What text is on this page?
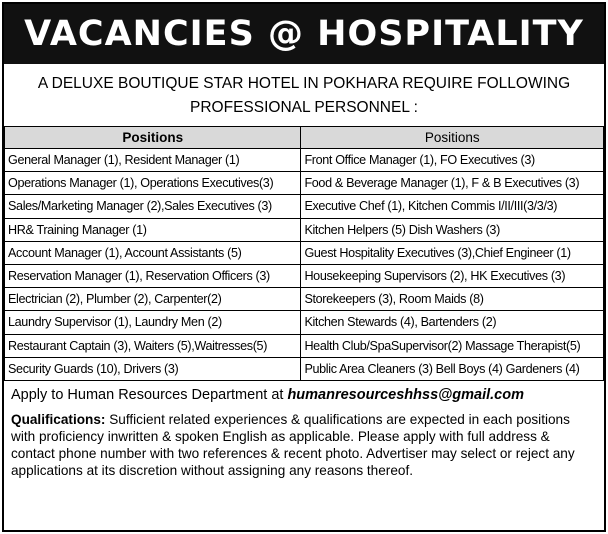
VACANCIES @ HOSPITALITY
A DELUXE BOUTIQUE STAR HOTEL IN POKHARA REQUIRE FOLLOWING
PROFESSIONAL PERSONNEL :
Positions	Positions
General Manager (1), Resident Manager (1)	Front Office Manager (1), FO Executives (3)
Operations Manager (1), Operations Executives(3)	Food & Beverage Manager (1), F & B Executives (3)
Sales/Marketing Manager (2),Sales Executives (3)	Executive Chef (1), Kitchen Commis I/II/III(3/3/3)
HR& Training Manager (1)	Kitchen Helpers (5) Dish Washers (3)
Account Manager (1), Account Assistants (5)	Guest Hospitality Executives (3),Chief Engineer (1)
Reservation Manager (1), Reservation Officers (3)	Housekeeping Supervisors (2), HK Executives (3)
Electrician (2), Plumber (2), Carpenter(2)	Storekeepers (3), Room Maids (8)
Laundry Supervisor (1), Laundry Men (2)	Kitchen Stewards (4), Bartenders (2)
Restaurant Captain (3), Waiters (5),Waitresses(5)	Health Club/SpaSupervisor(2) Massage Therapist(5)
Security Guards (10), Drivers (3)	Public Area Cleaners (3) Bell Boys (4) Gardeners (4)
Apply to Human Resources Department at humanresourceshhss@gmail.com
Qualifications: Sufficient related experiences & qualifications are expected in each positions with proficiency inwritten & spoken English as applicable. Please apply with full address & contact phone number with two references & recent photo. Advertiser may select or reject any applications at its discretion without assigning any reasons thereof.
